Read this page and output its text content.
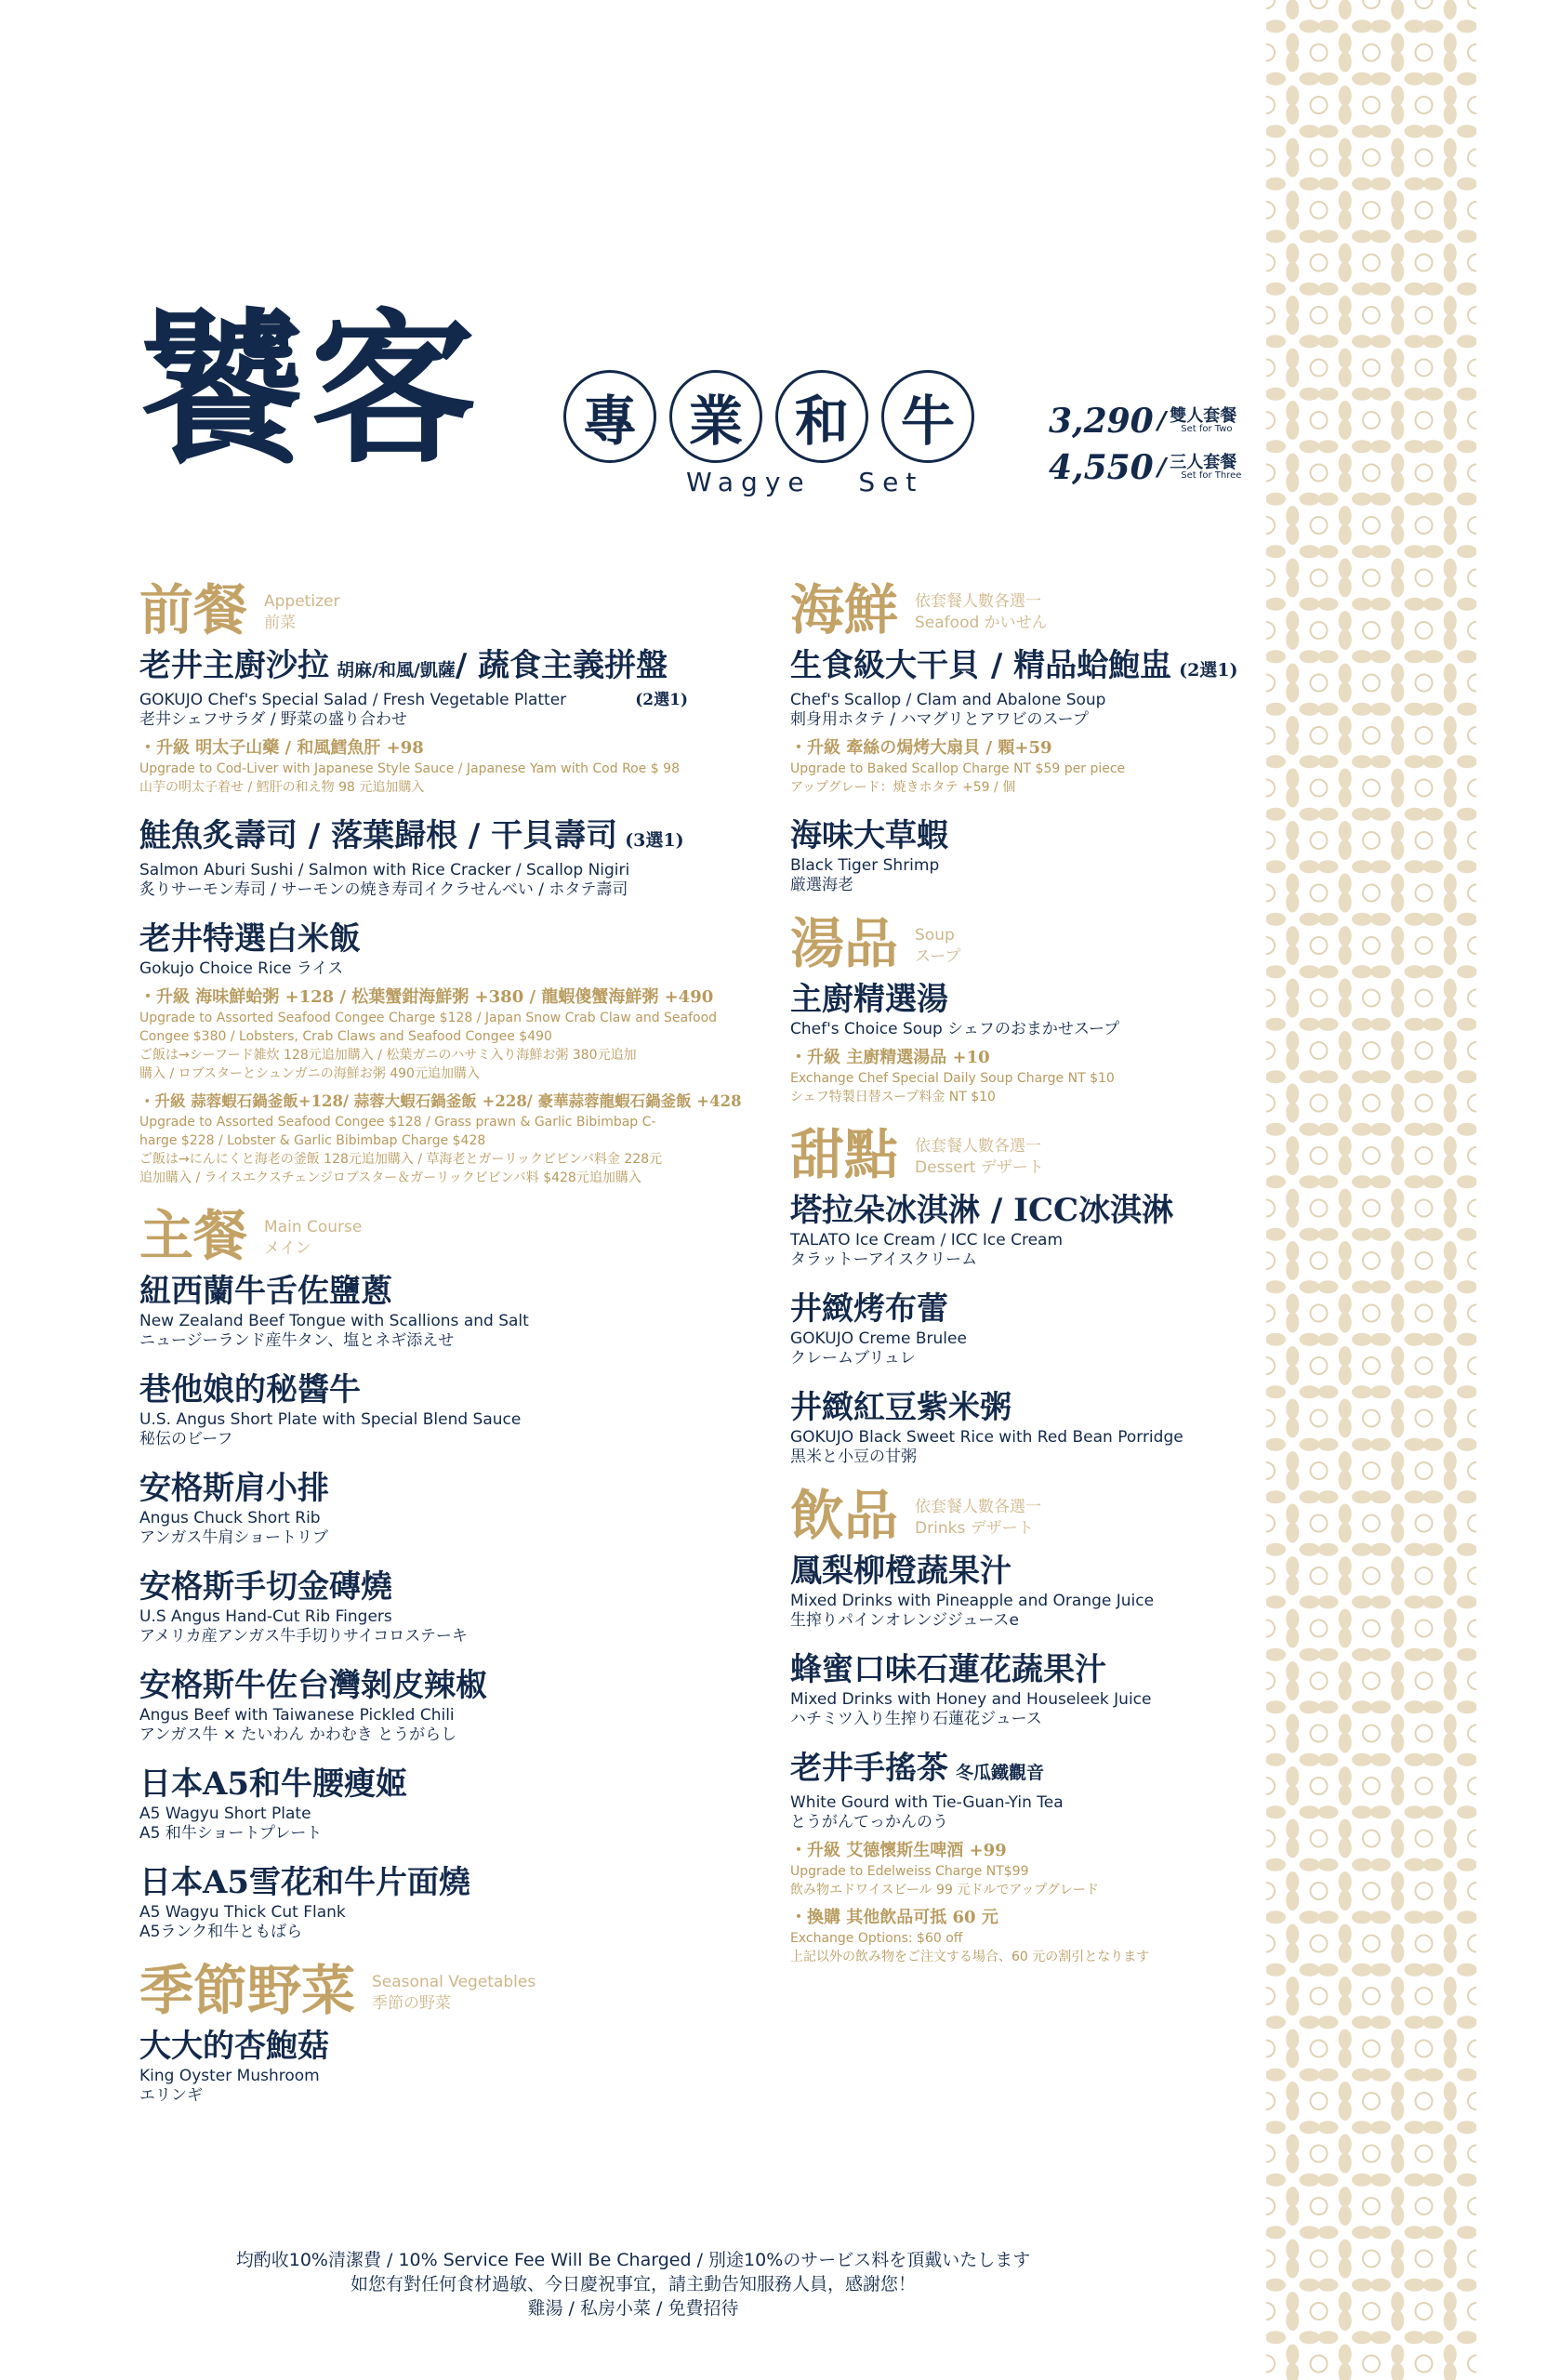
饕客	專 業 和 牛
Wagye   Set
3,290 / 雙人套餐
Set for Two
4,550 / 三人套餐
Set for Three
前餐 Appetizer
前菜
老井主廚沙拉 胡麻/和風/凱薩/ 蔬食主義拼盤
GOKUJO Chef's Special Salad / Fresh Vegetable Platter	(2選1)
老井シェフサラダ / 野菜の盛り合わせ
・升級 明太子山藥 / 和風鱈魚肝 +98
Upgrade to Cod-Liver with Japanese Style Sauce / Japanese Yam with Cod Roe $ 98
山芋の明太子着せ / 鱈肝の和え物 98 元追加購入
鮭魚炙壽司 / 落葉歸根 / 干貝壽司 (3選1)
Salmon Aburi Sushi / Salmon with Rice Cracker / Scallop Nigiri
炙りサーモン寿司 / サーモンの焼き寿司イクラせんべい / ホタテ壽司
老井特選白米飯
Gokujo Choice Rice ライス
・升級 海味鮮蛤粥 +128 / 松葉蟹鉗海鮮粥 +380 / 龍蝦傻蟹海鮮粥 +490
Upgrade to Assorted Seafood Congee Charge $128 / Japan Snow Crab Claw and Seafood
Congee $380 / Lobsters, Crab Claws and Seafood Congee $490
ご飯は→シーフード雑炊 128元追加購入 / 松葉ガニのハサミ入り海鮮お粥 380元追加
購入 / ロブスターとシュンガニの海鮮お粥 490元追加購入
・升級 蒜蓉蝦石鍋釜飯+128/ 蒜蓉大蝦石鍋釜飯 +228/ 豪華蒜蓉龍蝦石鍋釜飯 +428
Upgrade to Assorted Seafood Congee $128 / Grass prawn & Garlic Bibimbap C-
harge $228 / Lobster & Garlic Bibimbap Charge $428
ご飯は→にんにくと海老の釜飯 128元追加購入 / 草海老とガーリックビビンバ料金 228元
追加購入 / ライスエクスチェンジロブスター＆ガーリックビビンバ料 $428元追加購入
主餐 Main Course
メイン
紐西蘭牛舌佐鹽蔥
New Zealand Beef Tongue with Scallions and Salt
ニュージーランド産牛タン、塩とネギ添えせ
巷他娘的秘醬牛
U.S. Angus Short Plate with Special Blend Sauce
秘伝のビーフ
安格斯肩小排
Angus Chuck Short Rib
アンガス牛肩ショートリブ
安格斯手切金磚燒
U.S Angus Hand-Cut Rib Fingers
アメリカ産アンガス牛手切りサイコロステーキ
安格斯牛佐台灣剝皮辣椒
Angus Beef with Taiwanese Pickled Chili
アンガス牛 × たいわん かわむき とうがらし
日本A5和牛腰瘦姬
A5 Wagyu Short Plate
A5 和牛ショートプレート
日本A5雪花和牛片面燒
A5 Wagyu Thick Cut Flank
A5ランク和牛ともばら
季節野菜 Seasonal Vegetables
季節の野菜
大大的杏鮑菇
King Oyster Mushroom
エリンギ
海鮮 依套餐人數各選一
Seafood かいせん
生食級大干貝 / 精品蛤鮑盅 (2選1)
Chef's Scallop / Clam and Abalone Soup
刺身用ホタテ / ハマグリとアワビのスープ
・升級 牽絲の焗烤大扇貝 / 顆+59
Upgrade to Baked Scallop Charge NT $59 per piece
アップグレード：焼きホタテ +59 / 個
海味大草蝦
Black Tiger Shrimp
厳選海老
湯品 Soup
スープ
主廚精選湯
Chef's Choice Soup シェフのおまかせスープ
・升級 主廚精選湯品 +10
Exchange Chef Special Daily Soup Charge NT $10
シェフ特製日替スープ料金 NT $10
甜點 依套餐人數各選一
Dessert デザート
塔拉朵冰淇淋 / ICC冰淇淋
TALATO Ice Cream / ICC Ice Cream
タラットーアイスクリーム
井緻烤布蕾
GOKUJO Creme Brulee
クレームブリュレ
井緻紅豆紫米粥
GOKUJO Black Sweet Rice with Red Bean Porridge
黒米と小豆の甘粥
飲品 依套餐人數各選一
Drinks デザート
鳳梨柳橙蔬果汁
Mixed Drinks with Pineapple and Orange Juice
生搾りパインオレンジジュースe
蜂蜜口味石蓮花蔬果汁
Mixed Drinks with Honey and Houseleek Juice
ハチミツ入り生搾り石蓮花ジュース
老井手搖茶 冬瓜鐵觀音
White Gourd with Tie-Guan-Yin Tea
とうがんてっかんのう
・升級 艾德懷斯生啤酒 +99
Upgrade to Edelweiss Charge NT$99
飲み物エドワイスビール 99 元ドルでアップグレード
・換購 其他飲品可抵 60 元
Exchange Options: $60 off
上記以外の飲み物をご注文する場合、60 元の割引となります
均酌收10%清潔費 / 10% Service Fee Will Be Charged / 別途10%のサービス料を頂戴いたします
如您有對任何食材過敏、今日慶祝事宜，請主動告知服務人員，感謝您！
雞湯 / 私房小菜 / 免費招待
